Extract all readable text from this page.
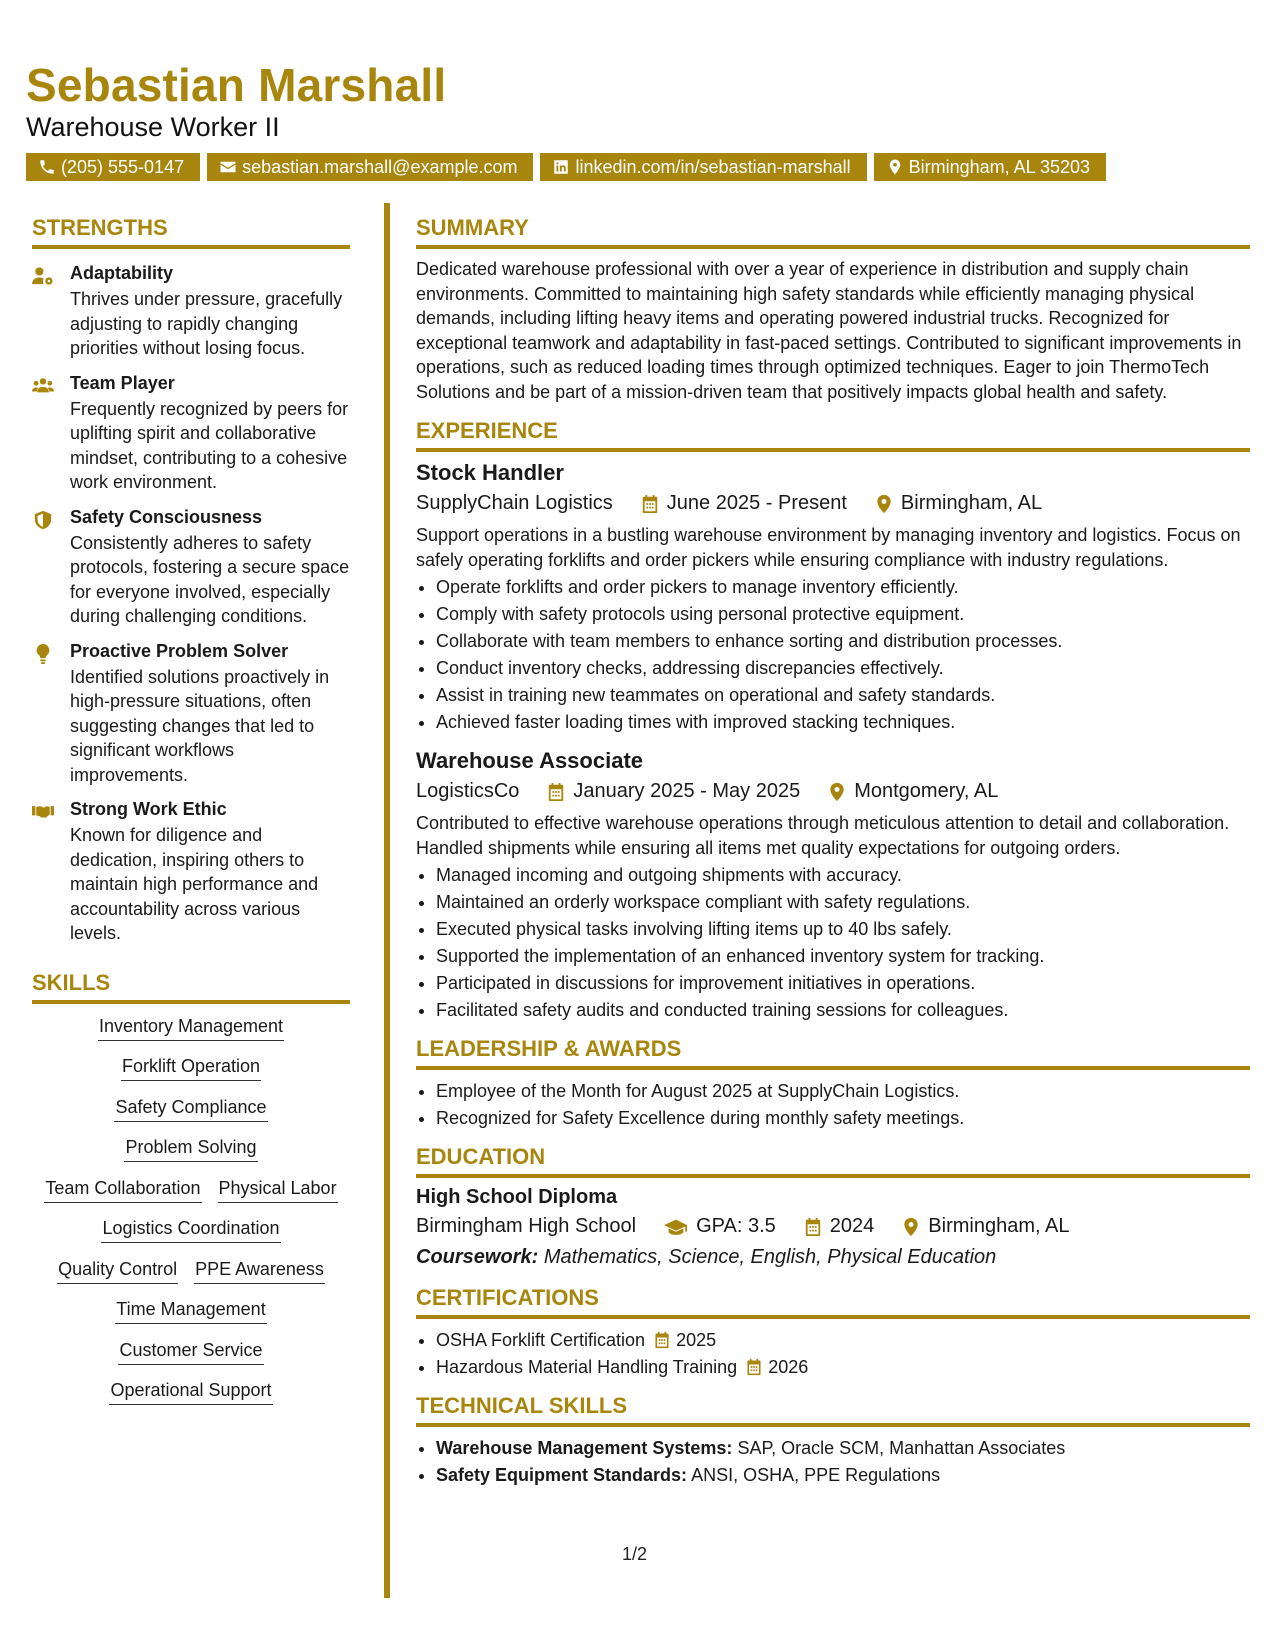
Sebastian Marshall
Warehouse Worker II
(205) 555-0147	sebastian.marshall@example.com	linkedin.com/in/sebastian-marshall	Birmingham, AL 35203
STRENGTHS
Adaptability
Thrives under pressure, gracefully adjusting to rapidly changing priorities without losing focus.
Team Player
Frequently recognized by peers for uplifting spirit and collaborative mindset, contributing to a cohesive work environment.
Safety Consciousness
Consistently adheres to safety protocols, fostering a secure space for everyone involved, especially during challenging conditions.
Proactive Problem Solver
Identified solutions proactively in high-pressure situations, often suggesting changes that led to significant workflows improvements.
Strong Work Ethic
Known for diligence and dedication, inspiring others to maintain high performance and accountability across various levels.
SKILLS
Inventory Management
Forklift Operation
Safety Compliance
Problem Solving
Team Collaboration Physical Labor
Logistics Coordination
Quality Control PPE Awareness
Time Management
Customer Service
Operational Support
SUMMARY
Dedicated warehouse professional with over a year of experience in distribution and supply chain environments. Committed to maintaining high safety standards while efficiently managing physical demands, including lifting heavy items and operating powered industrial trucks. Recognized for exceptional teamwork and adaptability in fast-paced settings. Contributed to significant improvements in operations, such as reduced loading times through optimized techniques. Eager to join ThermoTech Solutions and be part of a mission-driven team that positively impacts global health and safety.
EXPERIENCE
Stock Handler
SupplyChain Logistics	June 2025 - Present	Birmingham, AL
Support operations in a bustling warehouse environment by managing inventory and logistics. Focus on safely operating forklifts and order pickers while ensuring compliance with industry regulations.
• Operate forklifts and order pickers to manage inventory efficiently.
• Comply with safety protocols using personal protective equipment.
• Collaborate with team members to enhance sorting and distribution processes.
• Conduct inventory checks, addressing discrepancies effectively.
• Assist in training new teammates on operational and safety standards.
• Achieved faster loading times with improved stacking techniques.
Warehouse Associate
LogisticsCo	January 2025 - May 2025	Montgomery, AL
Contributed to effective warehouse operations through meticulous attention to detail and collaboration. Handled shipments while ensuring all items met quality expectations for outgoing orders.
• Managed incoming and outgoing shipments with accuracy.
• Maintained an orderly workspace compliant with safety regulations.
• Executed physical tasks involving lifting items up to 40 lbs safely.
• Supported the implementation of an enhanced inventory system for tracking.
• Participated in discussions for improvement initiatives in operations.
• Facilitated safety audits and conducted training sessions for colleagues.
LEADERSHIP & AWARDS
• Employee of the Month for August 2025 at SupplyChain Logistics.
• Recognized for Safety Excellence during monthly safety meetings.
EDUCATION
High School Diploma
Birmingham High School	GPA: 3.5	2024	Birmingham, AL
Coursework: Mathematics, Science, English, Physical Education
CERTIFICATIONS
• OSHA Forklift Certification 2025
• Hazardous Material Handling Training 2026
TECHNICAL SKILLS
• Warehouse Management Systems: SAP, Oracle SCM, Manhattan Associates
• Safety Equipment Standards: ANSI, OSHA, PPE Regulations
1/2
